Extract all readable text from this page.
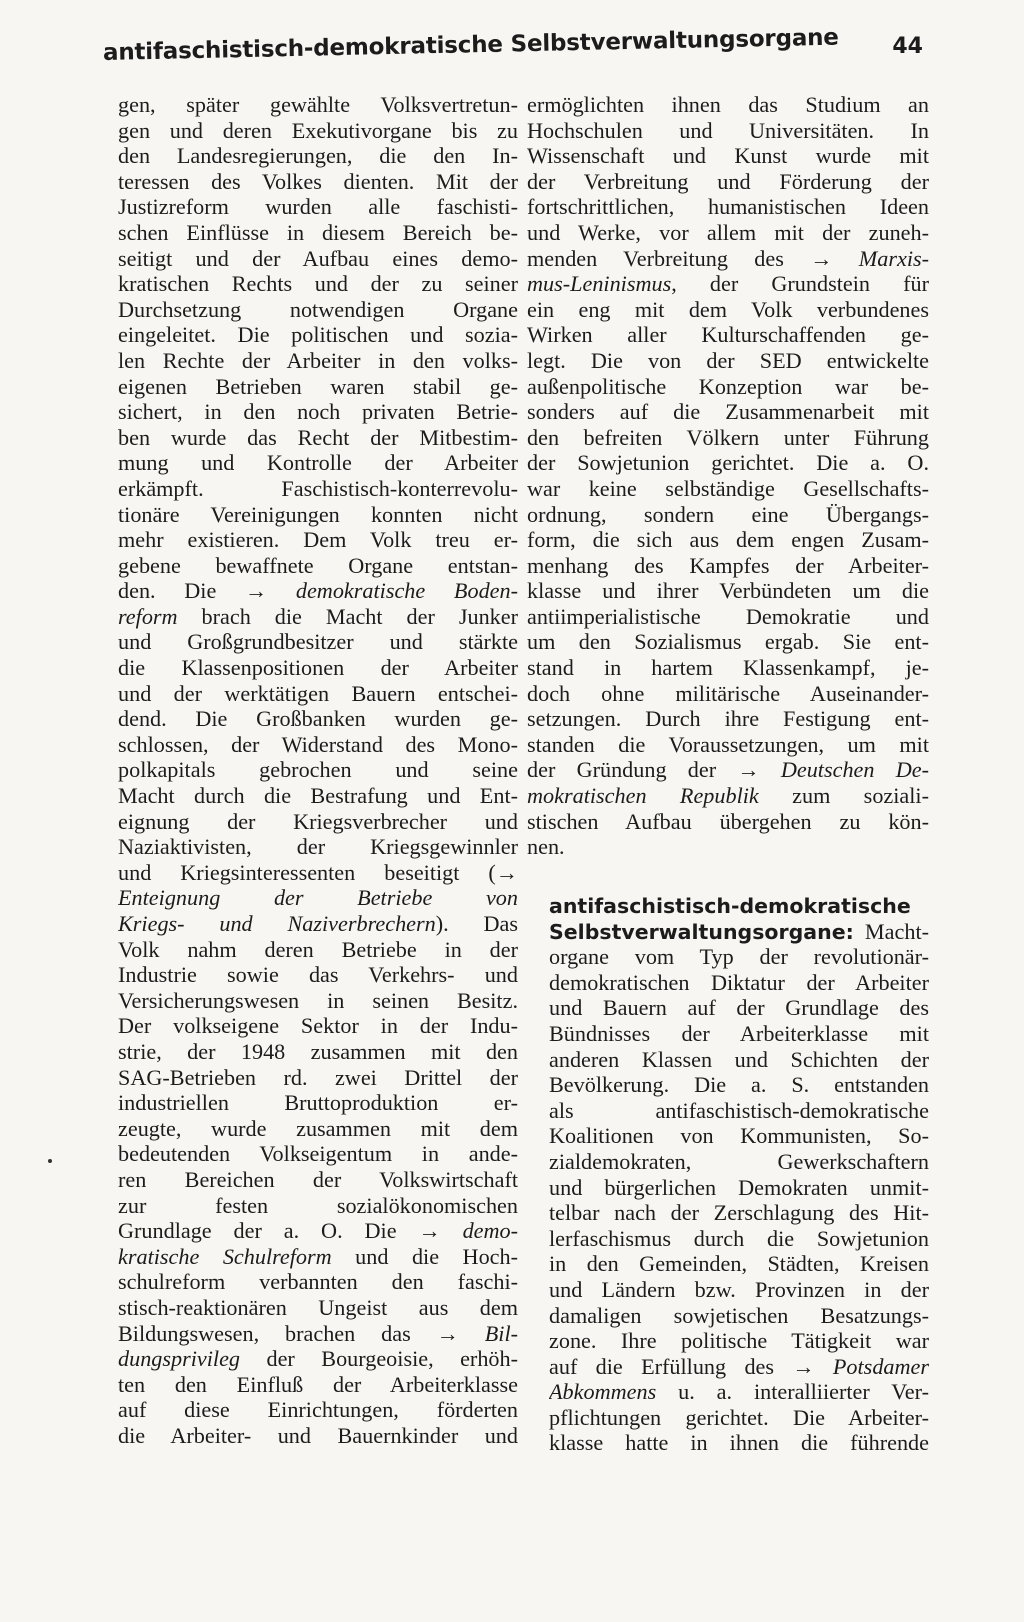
antifaschistisch-demokratische Selbstverwaltungsorgane 44
gen, später gewählte Volksvertretun-
gen und deren Exekutivorgane bis zu
den Landesregierungen, die den In-
teressen des Volkes dienten. Mit der
Justizreform wurden alle faschisti-
schen Einflüsse in diesem Bereich be-
seitigt und der Aufbau eines demo-
kratischen Rechts und der zu seiner
Durchsetzung notwendigen Organe
eingeleitet. Die politischen und sozia-
len Rechte der Arbeiter in den volks-
eigenen Betrieben waren stabil ge-
sichert, in den noch privaten Betrie-
ben wurde das Recht der Mitbestim-
mung und Kontrolle der Arbeiter
erkämpft. Faschistisch-konterrevolu-
tionäre Vereinigungen konnten nicht
mehr existieren. Dem Volk treu er-
gebene bewaffnete Organe entstan-
den. Die → demokratische Boden-
reform brach die Macht der Junker
und Großgrundbesitzer und stärkte
die Klassenpositionen der Arbeiter
und der werktätigen Bauern entschei-
dend. Die Großbanken wurden ge-
schlossen, der Widerstand des Mono-
polkapitals gebrochen und seine
Macht durch die Bestrafung und Ent-
eignung der Kriegsverbrecher und
Naziaktivisten, der Kriegsgewinnler
und Kriegsinteressenten beseitigt (→
Enteignung der Betriebe von
Kriegs- und Naziverbrechern). Das
Volk nahm deren Betriebe in der
Industrie sowie das Verkehrs- und
Versicherungswesen in seinen Besitz.
Der volkseigene Sektor in der Indu-
strie, der 1948 zusammen mit den
SAG-Betrieben rd. zwei Drittel der
industriellen Bruttoproduktion er-
zeugte, wurde zusammen mit dem
bedeutenden Volkseigentum in ande-
ren Bereichen der Volkswirtschaft
zur festen sozialökonomischen
Grundlage der a. O. Die → demo-
kratische Schulreform und die Hoch-
schulreform verbannten den faschi-
stisch-reaktionären Ungeist aus dem
Bildungswesen, brachen das → Bil-
dungsprivileg der Bourgeoisie, erhöh-
ten den Einfluß der Arbeiterklasse
auf diese Einrichtungen, förderten
die Arbeiter- und Bauernkinder und
ermöglichten ihnen das Studium an
Hochschulen und Universitäten. In
Wissenschaft und Kunst wurde mit
der Verbreitung und Förderung der
fortschrittlichen, humanistischen Ideen
und Werke, vor allem mit der zuneh-
menden Verbreitung des → Marxis-
mus-Leninismus, der Grundstein für
ein eng mit dem Volk verbundenes
Wirken aller Kulturschaffenden ge-
legt. Die von der SED entwickelte
außenpolitische Konzeption war be-
sonders auf die Zusammenarbeit mit
den befreiten Völkern unter Führung
der Sowjetunion gerichtet. Die a. O.
war keine selbständige Gesellschafts-
ordnung, sondern eine Übergangs-
form, die sich aus dem engen Zusam-
menhang des Kampfes der Arbeiter-
klasse und ihrer Verbündeten um die
antiimperialistische Demokratie und
um den Sozialismus ergab. Sie ent-
stand in hartem Klassenkampf, je-
doch ohne militärische Auseinander-
setzungen. Durch ihre Festigung ent-
standen die Voraussetzungen, um mit
der Gründung der → Deutschen De-
mokratischen Republik zum soziali-
stischen Aufbau übergehen zu kön-
nen.
antifaschistisch-demokratische
Selbstverwaltungsorgane: Macht-
organe vom Typ der revolutionär-
demokratischen Diktatur der Arbeiter
und Bauern auf der Grundlage des
Bündnisses der Arbeiterklasse mit
anderen Klassen und Schichten der
Bevölkerung. Die a. S. entstanden
als antifaschistisch-demokratische
Koalitionen von Kommunisten, So-
zialdemokraten, Gewerkschaftern
und bürgerlichen Demokraten unmit-
telbar nach der Zerschlagung des Hit-
lerfaschismus durch die Sowjetunion
in den Gemeinden, Städten, Kreisen
und Ländern bzw. Provinzen in der
damaligen sowjetischen Besatzungs-
zone. Ihre politische Tätigkeit war
auf die Erfüllung des → Potsdamer
Abkommens u. a. interalliierter Ver-
pflichtungen gerichtet. Die Arbeiter-
klasse hatte in ihnen die führende
